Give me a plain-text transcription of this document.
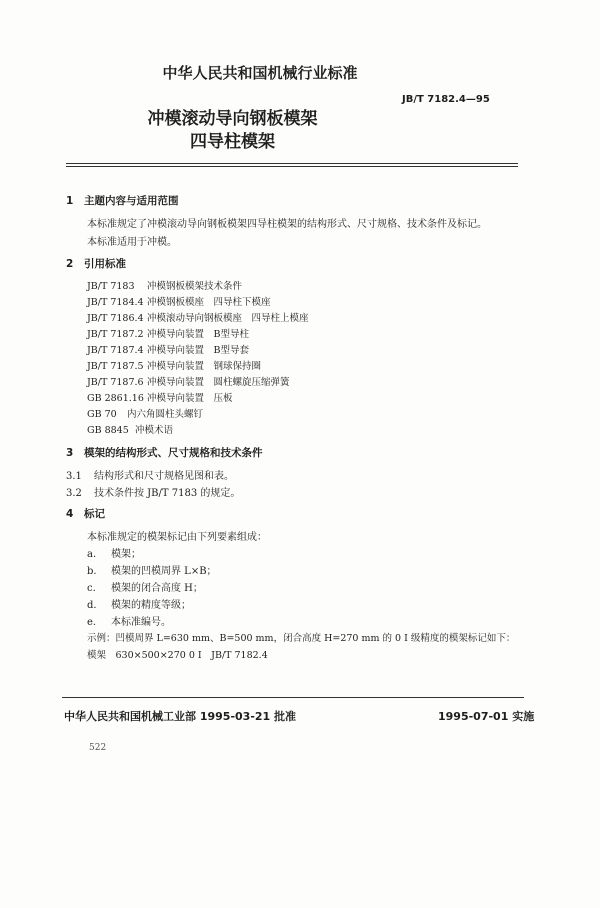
中华人民共和国机械行业标准
JB/T 7182.4—95
冲模滚动导向钢板模架
四导柱模架
1 主题内容与适用范围
本标准规定了冲模滚动导向钢板模架四导柱模架的结构形式、尺寸规格、技术条件及标记。
本标准适用于冲模。
2 引用标准
JB/T 7183 冲模钢板模架技术条件
JB/T 7184.4 冲模钢板模座　四导柱下模座
JB/T 7186.4 冲模滚动导向钢板模座　四导柱上模座
JB/T 7187.2 冲模导向装置　B型导柱
JB/T 7187.4 冲模导向装置　B型导套
JB/T 7187.5 冲模导向装置　钢球保持圈
JB/T 7187.6 冲模导向装置　圆柱螺旋压缩弹簧
GB 2861.16 冲模导向装置　压板
GB 70 内六角圆柱头螺钉
GB 8845 冲模术语
3 模架的结构形式、尺寸规格和技术条件
3.1 结构形式和尺寸规格见图和表。
3.2 技术条件按 JB/T 7183 的规定。
4 标记
本标准规定的模架标记由下列要素组成：
a. 模架；
b. 模架的凹模周界 L×B；
c. 模架的闭合高度 H；
d. 模架的精度等级；
e. 本标准编号。
示例：凹模周界 L=630 mm、B=500 mm，闭合高度 H=270 mm 的 0 I 级精度的模架标记如下：
模架　630×500×270 0 I　JB/T 7182.4
中华人民共和国机械工业部 1995-03-21 批准	1995-07-01 实施
522
